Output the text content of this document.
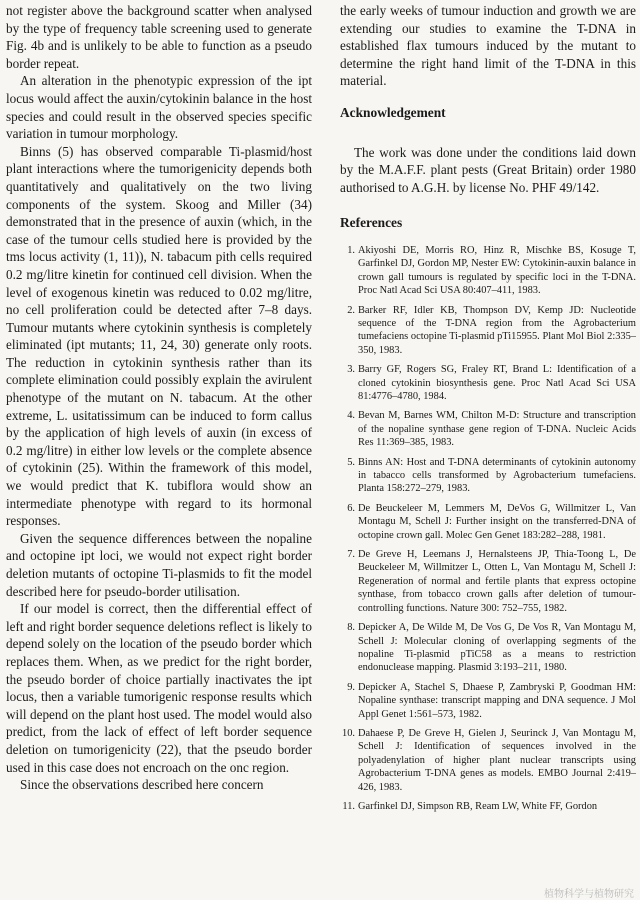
not register above the background scatter when analysed by the type of frequency table screening used to generate Fig. 4b and is unlikely to be able to function as a pseudo border repeat.

An alteration in the phenotypic expression of the ipt locus would affect the auxin/cytokinin balance in the host species and could result in the observed species specific variation in tumour morphology.

Binns (5) has observed comparable Ti-plasmid/host plant interactions where the tumorigenicity depends both quantitatively and qualitatively on the two living components of the system. Skoog and Miller (34) demonstrated that in the presence of auxin (which, in the case of the tumour cells studied here is provided by the tms locus activity (1, 11)), N. tabacum pith cells required 0.2 mg/litre kinetin for continued cell division. When the level of exogenous kinetin was reduced to 0.02 mg/litre, no cell proliferation could be detected after 7–8 days. Tumour mutants where cytokinin synthesis is completely eliminated (ipt mutants; 11, 24, 30) generate only roots. The reduction in cytokinin synthesis rather than its complete elimination could possibly explain the avirulent phenotype of the mutant on N. tabacum. At the other extreme, L. usitatissimum can be induced to form callus by the application of high levels of auxin (in excess of 0.2 mg/litre) in either low levels or the complete absence of cytokinin (25). Within the framework of this model, we would predict that K. tubiflora would show an intermediate phenotype with regard to its hormonal responses.

Given the sequence differences between the nopaline and octopine ipt loci, we would not expect right border deletion mutants of octopine Ti-plasmids to fit the model described here for pseudo-border utilisation.

If our model is correct, then the differential effect of left and right border sequence deletions reflect is likely to depend solely on the location of the pseudo border which replaces them. When, as we predict for the right border, the pseudo border of choice partially inactivates the ipt locus, then a variable tumorigenic response results which will depend on the plant host used. The model would also predict, from the lack of effect of left border sequence deletion on tumorigenicity (22), that the pseudo border used in this case does not encroach on the onc region.

Since the observations described here concern

the early weeks of tumour induction and growth we are extending our studies to examine the T-DNA in established flax tumours induced by the mutant to determine the right hand limit of the T-DNA in this material.

Acknowledgement

The work was done under the conditions laid down by the M.A.F.F. plant pests (Great Britain) order 1980 authorised to A.G.H. by license No. PHF 49/142.

References
1. Akiyoshi DE, Morris RO, Hinz R, Mischke BS, Kosuge T, Garfinkel DJ, Gordon MP, Nester EW: Cytokinin-auxin balance in crown gall tumours is regulated by specific loci in the T-DNA. Proc Natl Acad Sci USA 80:407–411, 1983.
2. Barker RF, Idler KB, Thompson DV, Kemp JD: Nucleotide sequence of the T-DNA region from the Agrobacterium tumefaciens octopine Ti-plasmid pTi15955. Plant Mol Biol 2:335–350, 1983.
3. Barry GF, Rogers SG, Fraley RT, Brand L: Identification of a cloned cytokinin biosynthesis gene. Proc Natl Acad Sci USA 81:4776–4780, 1984.
4. Bevan M, Barnes WM, Chilton M-D: Structure and transcription of the nopaline synthase gene region of T-DNA. Nucleic Acids Res 11:369–385, 1983.
5. Binns AN: Host and T-DNA determinants of cytokinin autonomy in tabacco cells transformed by Agrobacterium tumefaciens. Planta 158:272–279, 1983.
6. De Beuckeleer M, Lemmers M, DeVos G, Willmitzer L, Van Montagu M, Schell J: Further insight on the transferred-DNA of octopine crown gall. Molec Gen Genet 183:282–288, 1981.
7. De Greve H, Leemans J, Hernalsteens JP, Thia-Toong L, De Beuckeleer M, Willmitzer L, Otten L, Van Montagu M, Schell J: Regeneration of normal and fertile plants that express octopine synthase, from tobacco crown galls after deletion of tumour-controlling functions. Nature 300: 752–755, 1982.
8. Depicker A, De Wilde M, De Vos G, De Vos R, Van Montagu M, Schell J: Molecular cloning of overlapping segments of the nopaline Ti-plasmid pTiC58 as a means to restriction endonuclease mapping. Plasmid 3:193–211, 1980.
9. Depicker A, Stachel S, Dhaese P, Zambryski P, Goodman HM: Nopaline synthase: transcript mapping and DNA sequence. J Mol Appl Genet 1:561–573, 1982.
10. Dahaese P, De Greve H, Gielen J, Seurinck J, Van Montagu M, Schell J: Identification of sequences involved in the polyadenylation of higher plant nuclear transcripts using Agrobacterium T-DNA genes as models. EMBO Journal 2:419–426, 1983.
11. Garfinkel DJ, Simpson RB, Ream LW, White FF, Gordon
植物科学与植物研究
